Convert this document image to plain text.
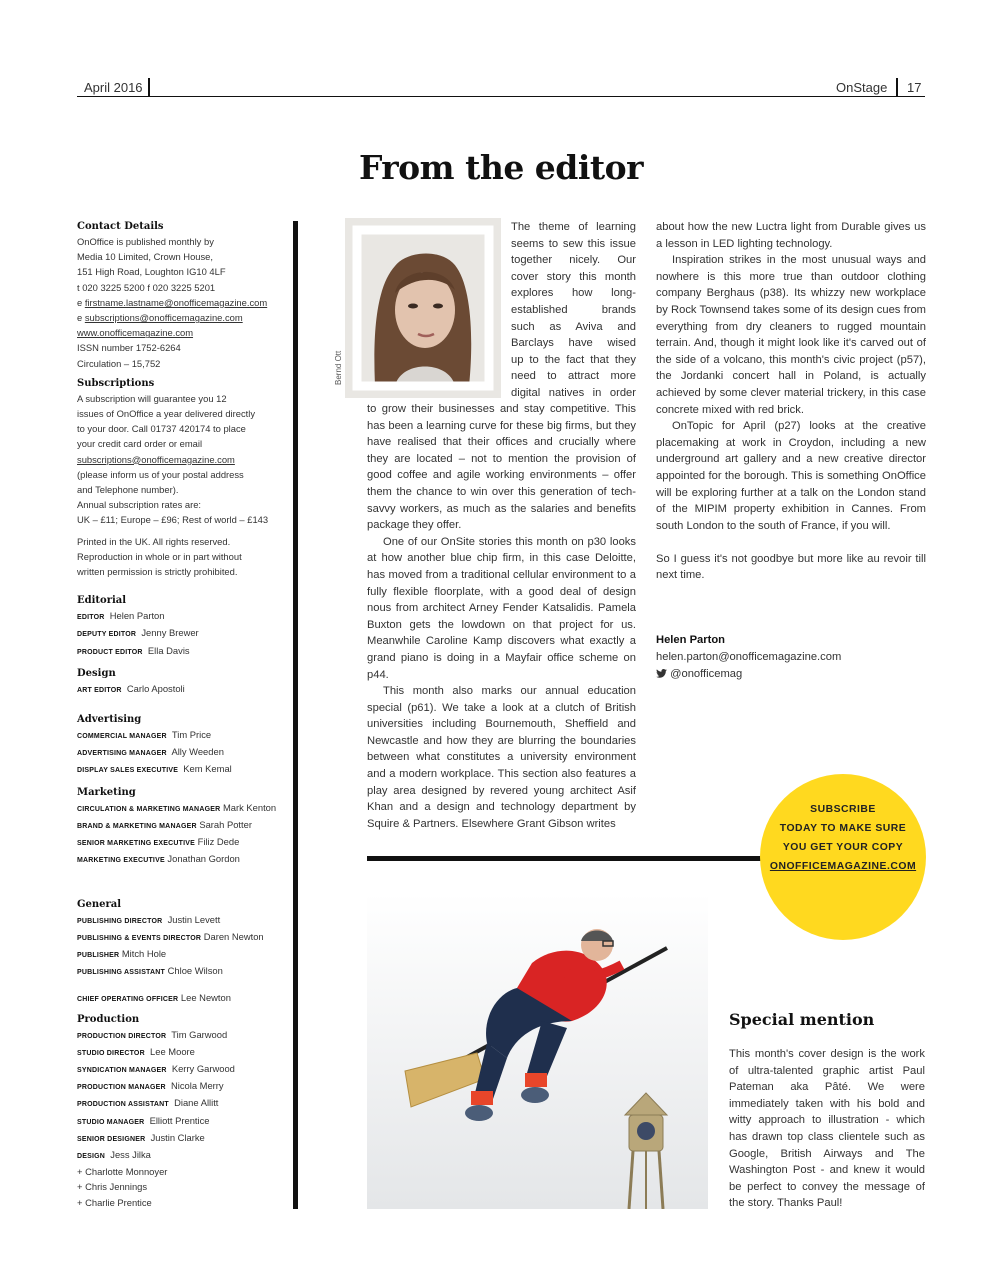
April 2016	OnStage 17
From the editor
Contact Details
OnOffice is published monthly by
Media 10 Limited, Crown House,
151 High Road, Loughton IG10 4LF
t 020 3225 5200 f 020 3225 5201
e firstname.lastname@onofficemagazine.com
e subscriptions@onofficemagazine.com
www.onofficemagazine.com
ISSN number 1752-6264
Circulation – 15,752
Subscriptions
A subscription will guarantee you 12
issues of OnOffice a year delivered directly
to your door. Call 01737 420174 to place
your credit card order or email
subscriptions@onofficemagazine.com
(please inform us of your postal address
and Telephone number).
Annual subscription rates are:
UK – £11; Europe – £96; Rest of world – £143
Printed in the UK. All rights reserved.
Reproduction in whole or in part without
written permission is strictly prohibited.
Editorial
EDITOR Helen Parton
DEPUTY EDITOR Jenny Brewer
PRODUCT EDITOR Ella Davis
Design
ART EDITOR Carlo Apostoli
Advertising
COMMERCIAL MANAGER Tim Price
ADVERTISING MANAGER Ally Weeden
DISPLAY SALES EXECUTIVE Kem Kemal
Marketing
CIRCULATION & MARKETING MANAGER Mark Kenton
BRAND & MARKETING MANAGER Sarah Potter
SENIOR MARKETING EXECUTIVE Filiz Dede
MARKETING EXECUTIVE Jonathan Gordon
General
PUBLISHING DIRECTOR Justin Levett
PUBLISHING & EVENTS DIRECTOR Daren Newton
PUBLISHER Mitch Hole
PUBLISHING ASSISTANT Chloe Wilson
CHIEF OPERATING OFFICER Lee Newton
Production
PRODUCTION DIRECTOR Tim Garwood
STUDIO DIRECTOR Lee Moore
SYNDICATION MANAGER Kerry Garwood
PRODUCTION MANAGER Nicola Merry
PRODUCTION ASSISTANT Diane Allitt
STUDIO MANAGER Elliott Prentice
SENIOR DESIGNER Justin Clarke
DESIGN Jess Jilka
+ Charlotte Monnoyer
+ Chris Jennings
+ Charlie Prentice
Bernd Ott
The theme of learning
seems to sew this issue
together nicely. Our
cover story this month
explores how long-
established brands
such as Aviva and
Barclays have wised
up to the fact that they
need to attract more
digital natives in order

to grow their businesses and stay competitive. This has been a learning curve for these big firms, but they have realised that their offices and crucially where they are located – not to mention the provision of good coffee and agile working environments – offer them the chance to win over this generation of tech-savvy workers, as much as the salaries and benefits package they offer.

One of our OnSite stories this month on p30 looks at how another blue chip firm, in this case Deloitte, has moved from a traditional cellular environment to a fully flexible floorplate, with a good deal of design nous from architect Arney Fender Katsalidis. Pamela Buxton gets the lowdown on that project for us. Meanwhile Caroline Kamp discovers what exactly a grand piano is doing in a Mayfair office scheme on p44.

This month also marks our annual education special (p61). We take a look at a clutch of British universities including Bournemouth, Sheffield and Newcastle and how they are blurring the boundaries between what constitutes a university environment and a modern workplace. This section also features a play area designed by revered young architect Asif Khan and a design and technology department by Squire & Partners. Elsewhere Grant Gibson writes

about how the new Luctra light from Durable gives us a lesson in LED lighting technology.

Inspiration strikes in the most unusual ways and nowhere is this more true than outdoor clothing company Berghaus (p38). Its whizzy new workplace by Rock Townsend takes some of its design cues from everything from dry cleaners to rugged mountain terrain. And, though it might look like it's carved out of the side of a volcano, this month's civic project (p57), the Jordanki concert hall in Poland, is actually achieved by some clever material trickery, in this case concrete mixed with red brick.

OnTopic for April (p27) looks at the creative placemaking at work in Croydon, including a new underground art gallery and a new creative director appointed for the borough. This is something OnOffice will be exploring further at a talk on the London stand of the MIPIM property exhibition in Cannes. From south London to the south of France, if you will.

So I guess it's not goodbye but more like au revoir till next time.

Helen Parton
helen.parton@onofficemagazine.com
@onofficemag
SUBSCRIBE
TODAY TO MAKE SURE
YOU GET YOUR COPY
ONOFFICEMAGAZINE.COM
Special mention
This month's cover design is the work of ultra-talented graphic artist Paul Pateman aka Pâté. We were immediately taken with his bold and witty approach to illustration - which has drawn top class clientele such as Google, British Airways and The Washington Post - and knew it would be perfect to convey the message of the story. Thanks Paul!
